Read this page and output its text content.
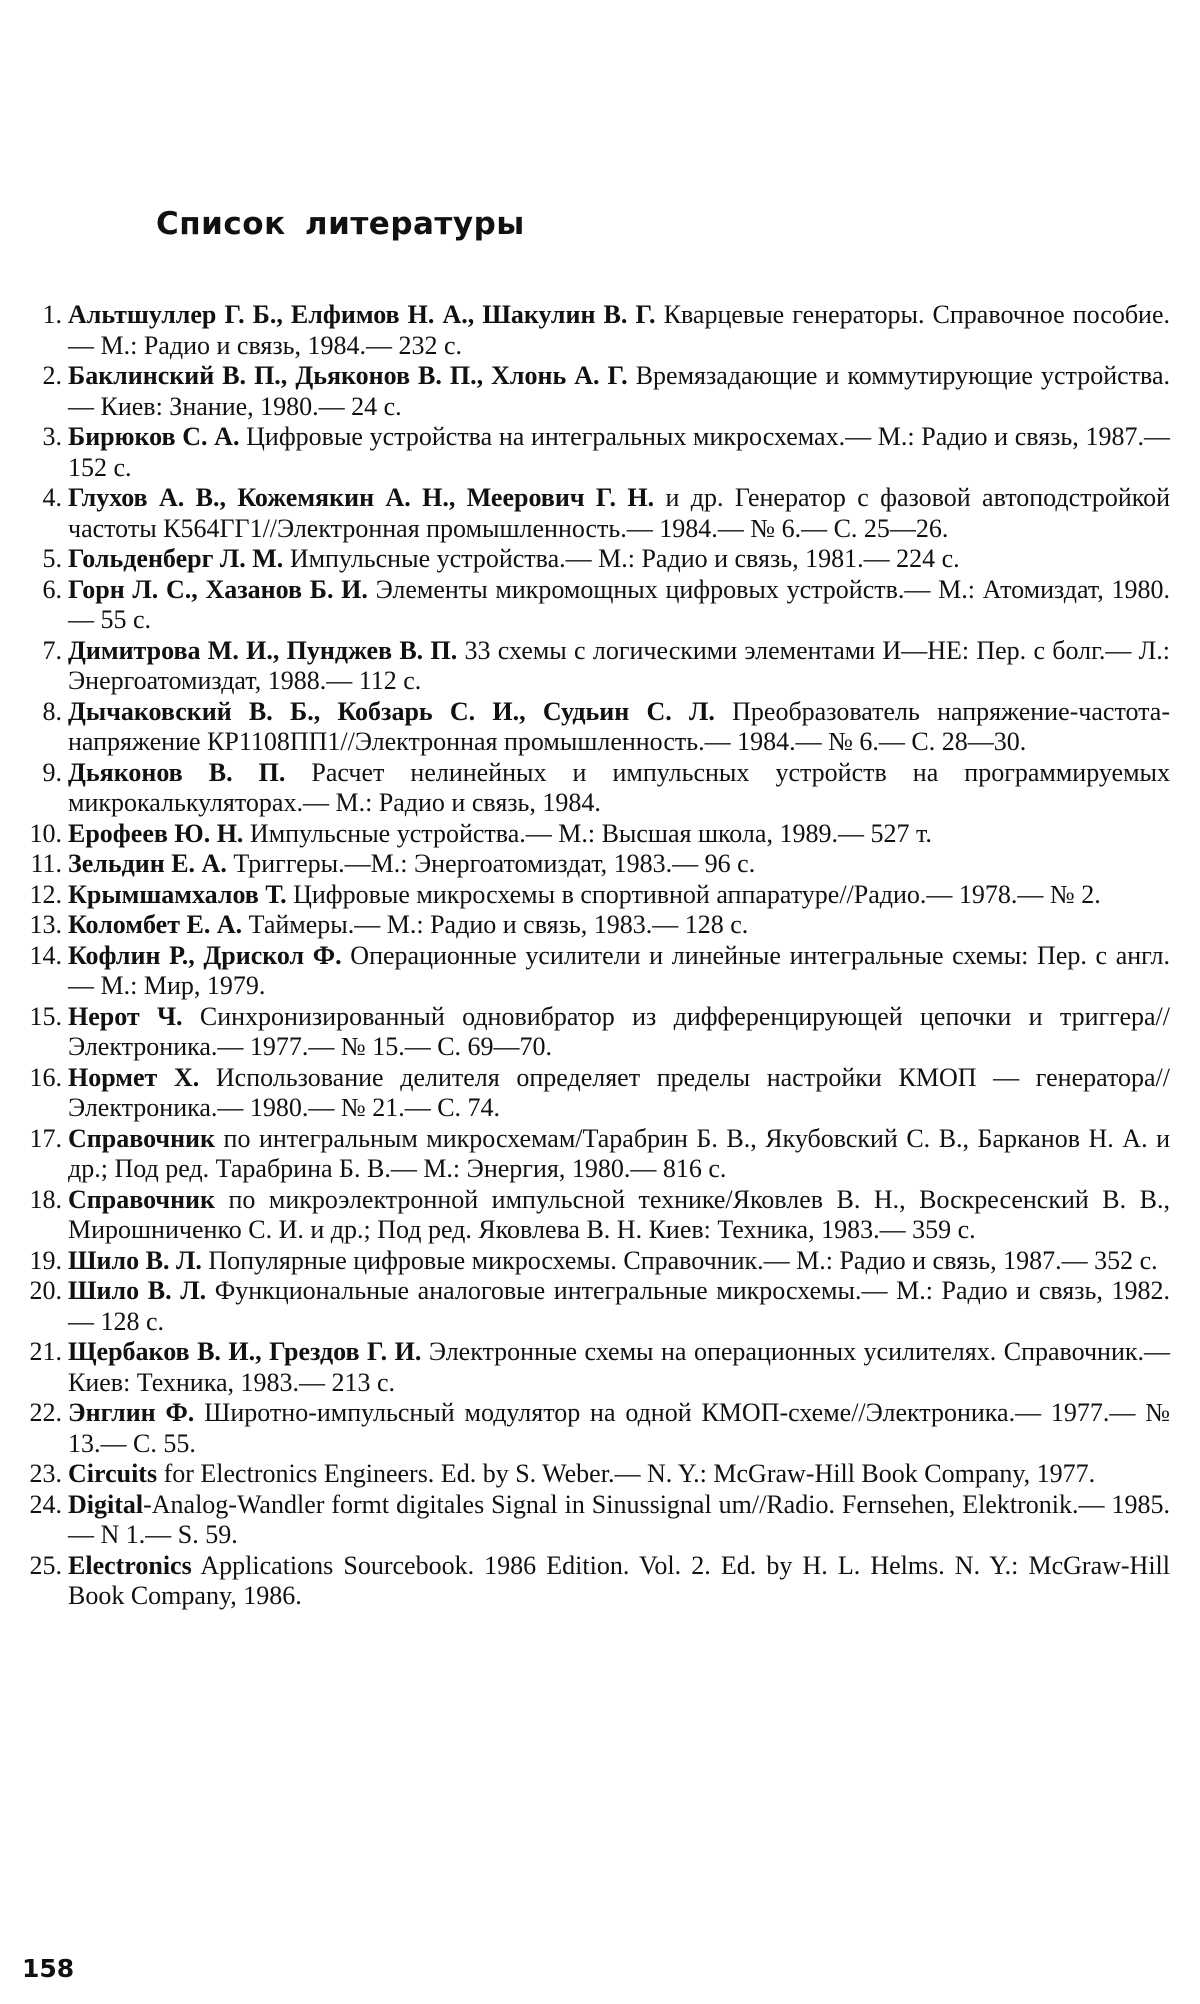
Список литературы
1. Альтшуллер Г. Б., Елфимов Н. А., Шакулин В. Г. Кварцевые генераторы. Справочное пособие.— М.: Радио и связь, 1984.— 232 с.
2. Баклинский В. П., Дьяконов В. П., Хлонь А. Г. Времязадающие и коммутирующие устройства.— Киев: Знание, 1980.— 24 с.
3. Бирюков С. А. Цифровые устройства на интегральных микросхемах.— М.: Радио и связь, 1987.— 152 с.
4. Глухов А. В., Кожемякин А. Н., Меерович Г. Н. и др. Генератор с фазовой автоподстройкой частоты К564ГГ1//Электронная промышленность.— 1984.— № 6.— С. 25—26.
5. Гольденберг Л. М. Импульсные устройства.— М.: Радио и связь, 1981.— 224 с.
6. Горн Л. С., Хазанов Б. И. Элементы микромощных цифровых устройств.— М.: Атомиздат, 1980.— 55 с.
7. Димитрова М. И., Пунджев В. П. 33 схемы с логическими элементами И—НЕ: Пер. с болг.— Л.: Энергоатомиздат, 1988.— 112 с.
8. Дычаковский В. Б., Кобзарь С. И., Судьин С. Л. Преобразователь напряжение-частота-напряжение КР1108ПП1//Электронная промышленность.— 1984.— № 6.— С. 28—30.
9. Дьяконов В. П. Расчет нелинейных и импульсных устройств на программируемых микрокалькуляторах.— М.: Радио и связь, 1984.
10. Ерофеев Ю. Н. Импульсные устройства.— М.: Высшая школа, 1989.— 527 т.
11. Зельдин Е. А. Триггеры.—М.: Энергоатомиздат, 1983.— 96 с.
12. Крымшамхалов Т. Цифровые микросхемы в спортивной аппаратуре//Радио.— 1978.— № 2.
13. Коломбет Е. А. Таймеры.— М.: Радио и связь, 1983.— 128 с.
14. Кофлин Р., Дрискол Ф. Операционные усилители и линейные интегральные схемы: Пер. с англ.— М.: Мир, 1979.
15. Нерот Ч. Синхронизированный одновибратор из дифференцирующей цепочки и триггера//Электроника.— 1977.— № 15.— С. 69—70.
16. Нормет Х. Использование делителя определяет пределы настройки КМОП — генератора//Электроника.— 1980.— № 21.— С. 74.
17. Справочник по интегральным микросхемам/Тарабрин Б. В., Якубовский С. В., Барканов Н. А. и др.; Под ред. Тарабрина Б. В.— М.: Энергия, 1980.— 816 с.
18. Справочник по микроэлектронной импульсной технике/Яковлев В. Н., Воскресенский В. В., Мирошниченко С. И. и др.; Под ред. Яковлева В. Н. Киев: Техника, 1983.— 359 с.
19. Шило В. Л. Популярные цифровые микросхемы. Справочник.— М.: Радио и связь, 1987.— 352 с.
20. Шило В. Л. Функциональные аналоговые интегральные микросхемы.— М.: Радио и связь, 1982.— 128 с.
21. Щербаков В. И., Грездов Г. И. Электронные схемы на операционных усилителях. Справочник.— Киев: Техника, 1983.— 213 с.
22. Энглин Ф. Широтно-импульсный модулятор на одной КМОП-схеме//Электроника.— 1977.— № 13.— С. 55.
23. Circuits for Electronics Engineers. Ed. by S. Weber.— N. Y.: McGraw-Hill Book Company, 1977.
24. Digital-Analog-Wandler formt digitales Signal in Sinussignal um//Radio. Fernsehen, Elektronik.— 1985.— N 1.— S. 59.
25. Electronics Applications Sourcebook. 1986 Edition. Vol. 2. Ed. by H. L. Helms. N. Y.: McGraw-Hill Book Company, 1986.
158
